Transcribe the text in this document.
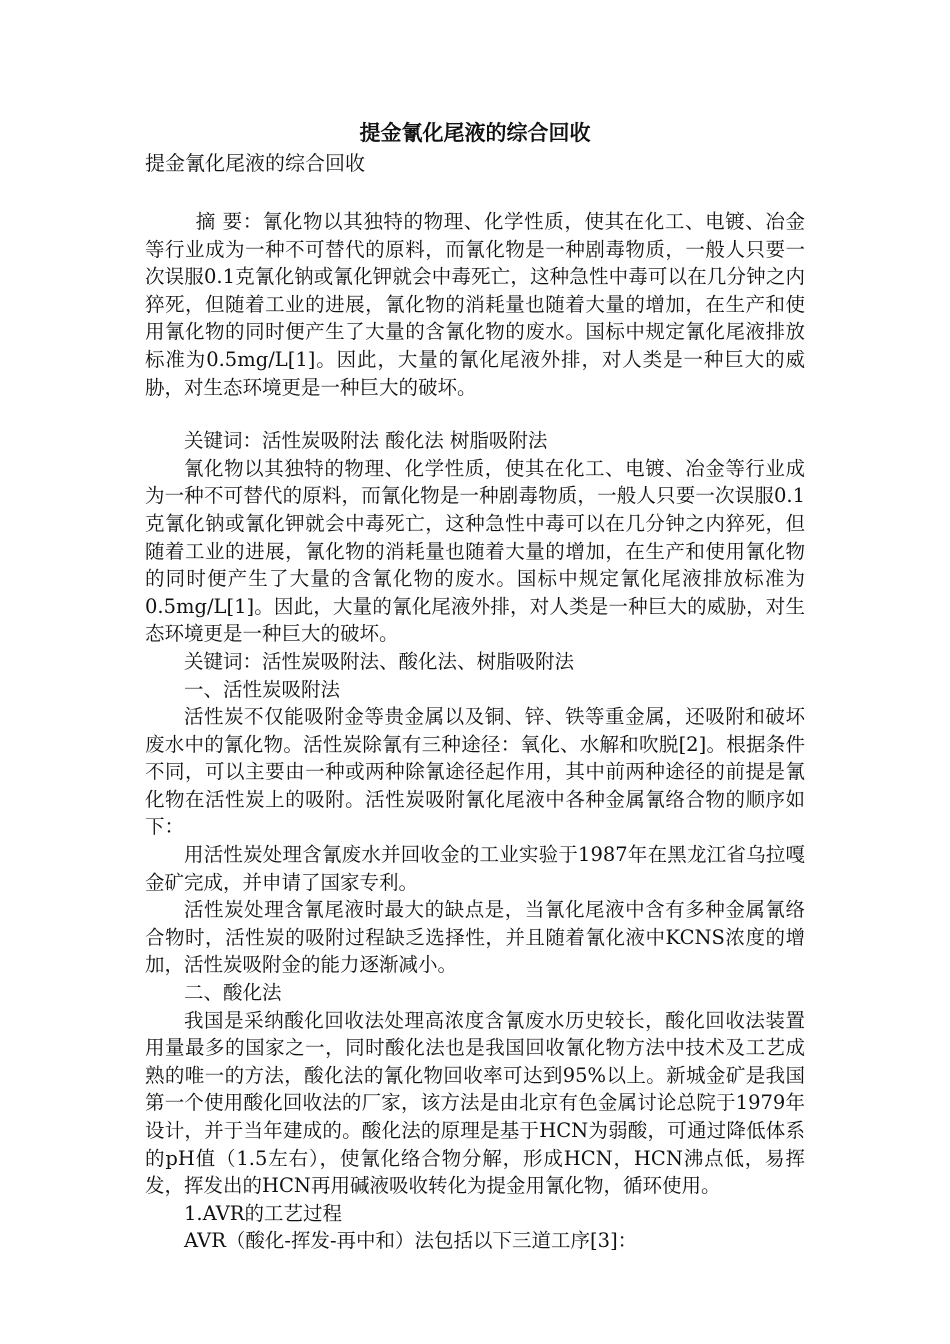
提金氰化尾液的综合回收
提金氰化尾液的综合回收

摘 要：氰化物以其独特的物理、化学性质，使其在化工、电镀、冶金等行业成为一种不可替代的原料，而氰化物是一种剧毒物质，一般人只要一次误服0.1克氰化钠或氰化钾就会中毒死亡，这种急性中毒可以在几分钟之内猝死，但随着工业的进展，氰化物的消耗量也随着大量的增加，在生产和使用氰化物的同时便产生了大量的含氰化物的废水。国标中规定氰化尾液排放标准为0.5mg/L[1]。因此，大量的氰化尾液外排，对人类是一种巨大的威胁，对生态环境更是一种巨大的破坏。

关键词：活性炭吸附法 酸化法 树脂吸附法

氰化物以其独特的物理、化学性质，使其在化工、电镀、冶金等行业成为一种不可替代的原料，而氰化物是一种剧毒物质，一般人只要一次误服0.1克氰化钠或氰化钾就会中毒死亡，这种急性中毒可以在几分钟之内猝死，但随着工业的进展，氰化物的消耗量也随着大量的增加，在生产和使用氰化物的同时便产生了大量的含氰化物的废水。国标中规定氰化尾液排放标准为0.5mg/L[1]。因此，大量的氰化尾液外排，对人类是一种巨大的威胁，对生态环境更是一种巨大的破坏。

关键词：活性炭吸附法、酸化法、树脂吸附法

一、活性炭吸附法

活性炭不仅能吸附金等贵金属以及铜、锌、铁等重金属，还吸附和破坏废水中的氰化物。活性炭除氰有三种途径：氧化、水解和吹脱[2]。根据条件不同，可以主要由一种或两种除氰途径起作用，其中前两种途径的前提是氰化物在活性炭上的吸附。活性炭吸附氰化尾液中各种金属氰络合物的顺序如下：

用活性炭处理含氰废水并回收金的工业实验于1987年在黑龙江省乌拉嘎金矿完成，并申请了国家专利。

活性炭处理含氰尾液时最大的缺点是，当氰化尾液中含有多种金属氰络合物时，活性炭的吸附过程缺乏选择性，并且随着氰化液中KCNS浓度的增加，活性炭吸附金的能力逐渐减小。

二、酸化法

我国是采纳酸化回收法处理高浓度含氰废水历史较长，酸化回收法装置用量最多的国家之一，同时酸化法也是我国回收氰化物方法中技术及工艺成熟的唯一的方法，酸化法的氰化物回收率可达到95%以上。新城金矿是我国第一个使用酸化回收法的厂家，该方法是由北京有色金属讨论总院于1979年设计，并于当年建成的。酸化法的原理是基于HCN为弱酸，可通过降低体系的pH值（1.5左右），使氰化络合物分解，形成HCN，HCN沸点低，易挥发，挥发出的HCN再用碱液吸收转化为提金用氰化物，循环使用。

1.AVR的工艺过程

AVR（酸化-挥发-再中和）法包括以下三道工序[3]：
